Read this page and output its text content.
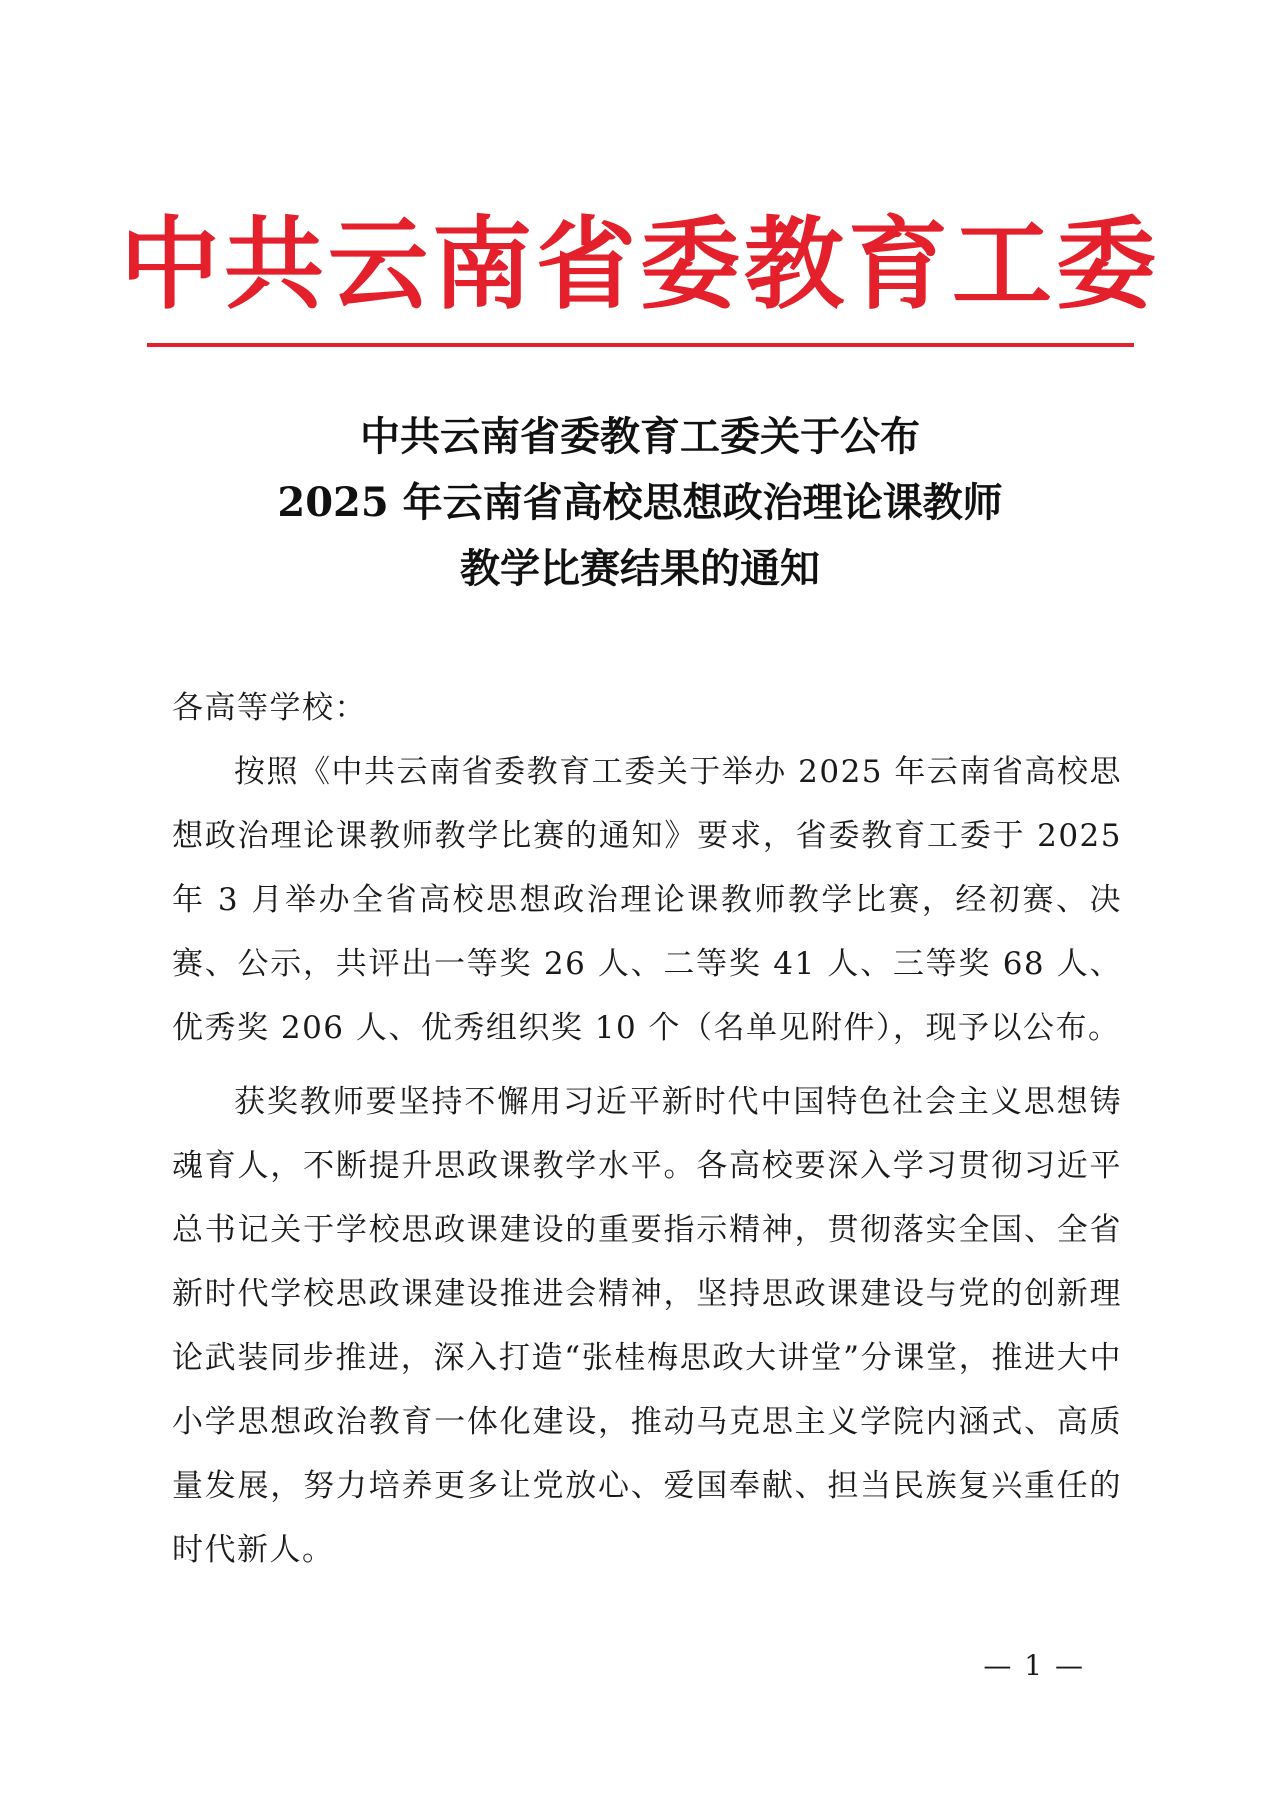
中共云南省委教育工委
中共云南省委教育工委关于公布
2025 年云南省高校思想政治理论课教师
教学比赛结果的通知

各高等学校：

按照《中共云南省委教育工委关于举办 2025 年云南省高校思想政治理论课教师教学比赛的通知》要求，省委教育工委于 2025 年 3 月举办全省高校思想政治理论课教师教学比赛，经初赛、决赛、公示，共评出一等奖 26 人、二等奖 41 人、三等奖 68 人、优秀奖 206 人、优秀组织奖 10 个（名单见附件），现予以公布。

获奖教师要坚持不懈用习近平新时代中国特色社会主义思想铸魂育人，不断提升思政课教学水平。各高校要深入学习贯彻习近平总书记关于学校思政课建设的重要指示精神，贯彻落实全国、全省新时代学校思政课建设推进会精神，坚持思政课建设与党的创新理论武装同步推进，深入打造“张桂梅思政大讲堂”分课堂，推进大中小学思想政治教育一体化建设，推动马克思主义学院内涵式、高质量发展，努力培养更多让党放心、爱国奉献、担当民族复兴重任的时代新人。

— 1 —
